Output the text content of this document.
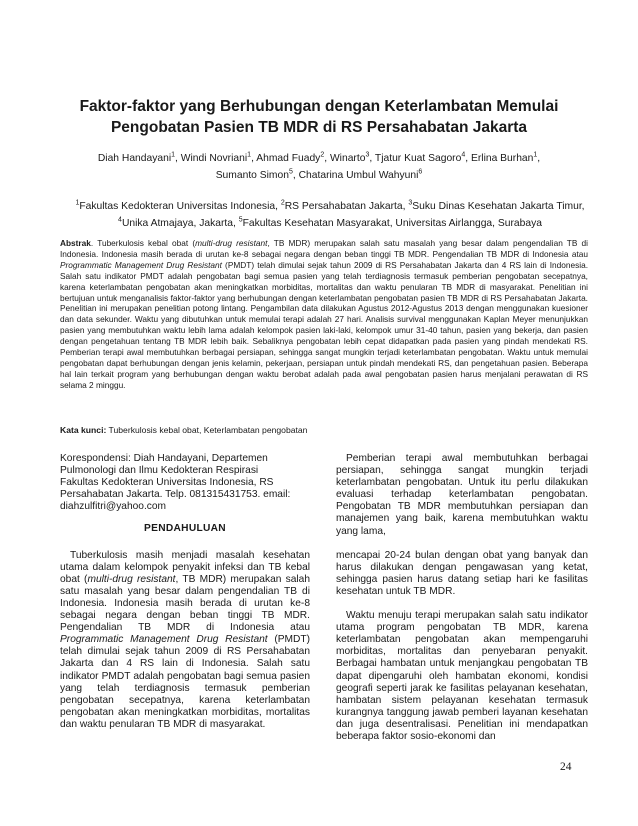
Faktor-faktor yang Berhubungan dengan Keterlambatan Memulai
Pengobatan Pasien TB MDR di RS Persahabatan Jakarta
Diah Handayani$^1$, Windi Novriani$^1$, Ahmad Fuady$^2$, Winarto$^3$, Tjatur Kuat Sagoro$^4$, Erlina Burhan$^1$,
Sumanto Simon$^5$, Chatarina Umbul Wahyuni$^6$
$^1$Fakultas Kedokteran Universitas Indonesia, $^2$RS Persahabatan Jakarta, $^3$Suku Dinas Kesehatan Jakarta Timur,
$^4$Unika Atmajaya, Jakarta, $^5$Fakultas Kesehatan Masyarakat, Universitas Airlangga, Surabaya
Abstrak. Tuberkulosis kebal obat (multi-drug resistant, TB MDR) merupakan salah satu masalah yang besar dalam pengendalian TB di Indonesia. Indonesia masih berada di urutan ke-8 sebagai negara dengan beban tinggi TB MDR. Pengendalian TB MDR di Indonesia atau Programmatic Management Drug Resistant (PMDT) telah dimulai sejak tahun 2009 di RS Persahabatan Jakarta dan 4 RS lain di Indonesia. Salah satu indikator PMDT adalah pengobatan bagi semua pasien yang telah terdiagnosis termasuk pemberian pengobatan secepatnya, karena keterlambatan pengobatan akan meningkatkan morbiditas, mortalitas dan waktu penularan TB MDR di masyarakat. Penelitian ini bertujuan untuk menganalisis faktor-faktor yang berhubungan dengan keterlambatan pengobatan pasien TB MDR di RS Persahabatan Jakarta. Penelitian ini merupakan penelitian potong lintang. Pengambilan data dilakukan Agustus 2012-Agustus 2013 dengan menggunakan kuesioner dan data sekunder. Waktu yang dibutuhkan untuk memulai terapi adalah 27 hari. Analisis survival menggunakan Kaplan Meyer menunjukkan pasien yang membutuhkan waktu lebih lama adalah kelompok pasien laki-laki, kelompok umur 31-40 tahun, pasien yang bekerja, dan pasien dengan pengetahuan tentang TB MDR lebih baik. Sebaliknya pengobatan lebih cepat didapatkan pada pasien yang pindah mendekati RS. Pemberian terapi awal membutuhkan berbagai persiapan, sehingga sangat mungkin terjadi keterlambatan pengobatan. Waktu untuk memulai pengobatan dapat berhubungan dengan jenis kelamin, pekerjaan, persiapan untuk pindah mendekati RS, dan pengetahuan pasien. Beberapa hal lain terkait program yang berhubungan dengan waktu berobat adalah pada awal pengobatan pasien harus menjalani perawatan di RS selama 2 minggu.
Kata kunci: Tuberkulosis kebal obat, Keterlambatan pengobatan
Korespondensi: Diah Handayani, Departemen
Pulmonologi dan Ilmu Kedokteran Respirasi
Fakultas Kedokteran Universitas Indonesia, RS
Persahabatan Jakarta. Telp. 081315431753. email:
diahzulfitri@yahoo.com
PENDAHULUAN

Tuberkulosis masih menjadi masalah kesehatan utama dalam kelompok penyakit infeksi dan TB kebal obat (multi-drug resistant, TB MDR) merupakan salah satu masalah yang besar dalam pengendalian TB di Indonesia. Indonesia masih berada di urutan ke-8 sebagai negara dengan beban tinggi TB MDR. Pengendalian TB MDR di Indonesia atau Programmatic Management Drug Resistant (PMDT) telah dimulai sejak tahun 2009 di RS Persahabatan Jakarta dan 4 RS lain di Indonesia. Salah satu indikator PMDT adalah pengobatan bagi semua pasien yang telah terdiagnosis termasuk pemberian pengobatan secepatnya, karena keterlambatan pengobatan akan meningkatkan morbiditas, mortalitas dan waktu penularan TB MDR di masyarakat.

Pemberian terapi awal membutuhkan berbagai persiapan, sehingga sangat mungkin terjadi keterlambatan pengobatan. Untuk itu perlu dilakukan evaluasi terhadap keterlambatan pengobatan. Pengobatan TB MDR membutuhkan persiapan dan manajemen yang baik, karena membutuhkan waktu yang lama,

mencapai 20-24 bulan dengan obat yang banyak dan harus dilakukan dengan pengawasan yang ketat, sehingga pasien harus datang setiap hari ke fasilitas kesehatan untuk TB MDR.

Waktu menuju terapi merupakan salah satu indikator utama program pengobatan TB MDR, karena keterlambatan pengobatan akan mempengaruhi morbiditas, mortalitas dan penyebaran penyakit. Berbagai hambatan untuk menjangkau pengobatan TB dapat dipengaruhi oleh hambatan ekonomi, kondisi geografi seperti jarak ke fasilitas pelayanan kesehatan, hambatan sistem pelayanan kesehatan termasuk kurangnya tanggung jawab pemberi layanan kesehatan dan juga desentralisasi. Penelitian ini mendapatkan beberapa faktor sosio-ekonomi dan

24
